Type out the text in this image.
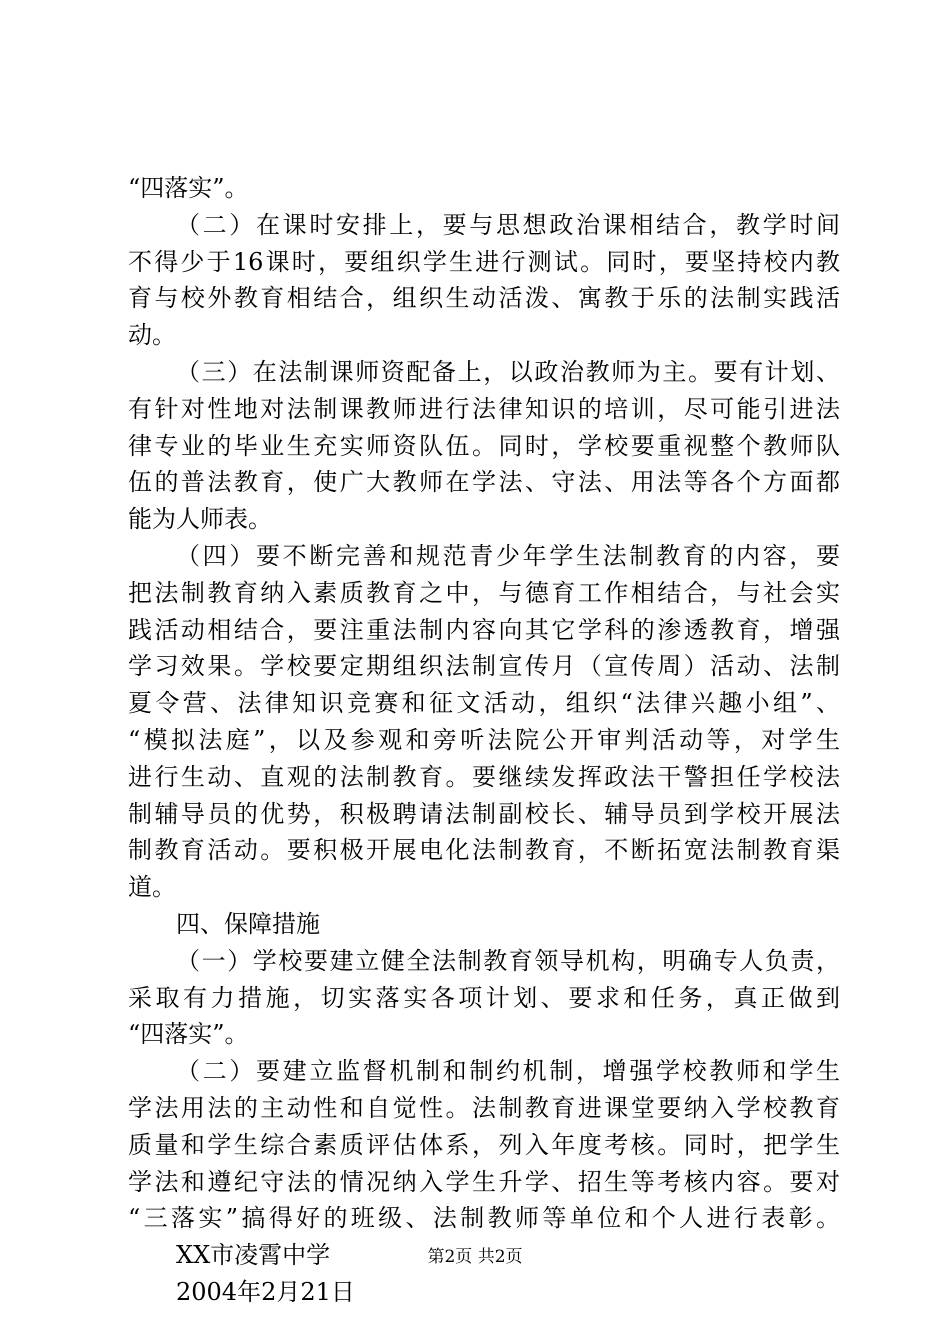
“四落实”。
（二）在课时安排上，要与思想政治课相结合，教学时间
不得少于16课时，要组织学生进行测试。同时，要坚持校内教
育与校外教育相结合，组织生动活泼、寓教于乐的法制实践活
动。
（三）在法制课师资配备上，以政治教师为主。要有计划、
有针对性地对法制课教师进行法律知识的培训，尽可能引进法
律专业的毕业生充实师资队伍。同时，学校要重视整个教师队
伍的普法教育，使广大教师在学法、守法、用法等各个方面都
能为人师表。
（四）要不断完善和规范青少年学生法制教育的内容，要
把法制教育纳入素质教育之中，与德育工作相结合，与社会实
践活动相结合，要注重法制内容向其它学科的渗透教育，增强
学习效果。学校要定期组织法制宣传月（宣传周）活动、法制
夏令营、法律知识竞赛和征文活动，组织“法律兴趣小组”、
“模拟法庭”，以及参观和旁听法院公开审判活动等，对学生
进行生动、直观的法制教育。要继续发挥政法干警担任学校法
制辅导员的优势，积极聘请法制副校长、辅导员到学校开展法
制教育活动。要积极开展电化法制教育，不断拓宽法制教育渠
道。
四、保障措施
（一）学校要建立健全法制教育领导机构，明确专人负责，
采取有力措施，切实落实各项计划、要求和任务，真正做到
“四落实”。
（二）要建立监督机制和制约机制，增强学校教师和学生
学法用法的主动性和自觉性。法制教育进课堂要纳入学校教育
质量和学生综合素质评估体系，列入年度考核。同时，把学生
学法和遵纪守法的情况纳入学生升学、招生等考核内容。要对
“三落实”搞得好的班级、法制教师等单位和个人进行表彰。
XX市凌霄中学
2004年2月21日
第2页 共2页
